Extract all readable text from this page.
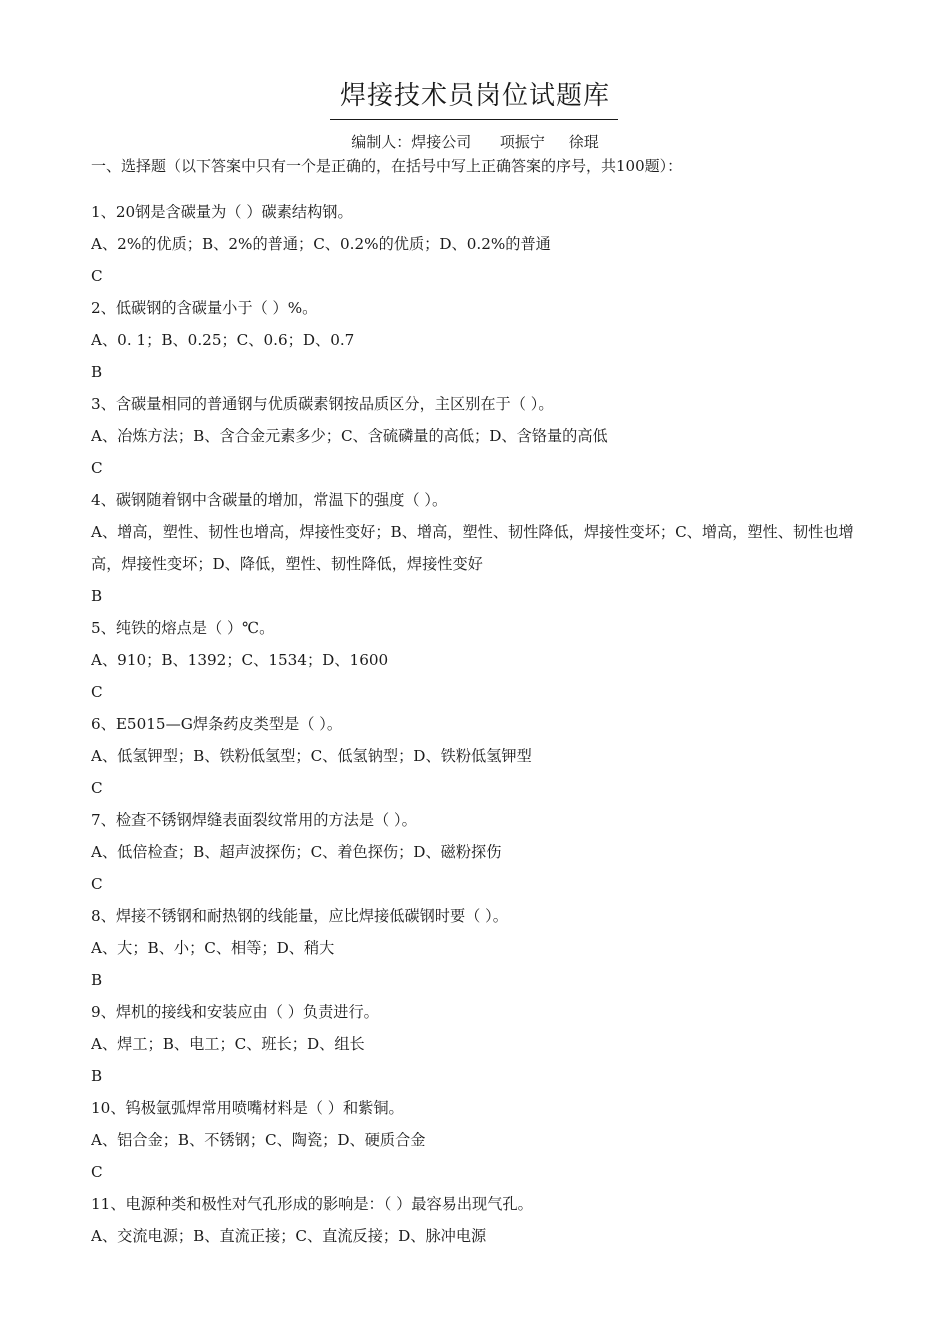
焊接技术员岗位试题库
编制人：焊接公司      项振宁     徐琨
一、选择题（以下答案中只有一个是正确的，在括号中写上正确答案的序号，共100题）：
1、20钢是含碳量为（ ）碳素结构钢。
A、2%的优质；B、2%的普通；C、0.2%的优质；D、0.2%的普通
C
2、低碳钢的含碳量小于（ ）%。
A、0. 1；B、0.25；C、0.6；D、0.7
B
3、含碳量相同的普通钢与优质碳素钢按品质区分，主区别在于（ ）。
A、冶炼方法；B、含合金元素多少；C、含硫磷量的高低；D、含铬量的高低
C
4、碳钢随着钢中含碳量的增加，常温下的强度（ ）。
A、增高，塑性、韧性也增高，焊接性变好；B、增高，塑性、韧性降低，焊接性变坏；C、增高，塑性、韧性也增高，焊接性变坏；D、降低，塑性、韧性降低，焊接性变好
B
5、纯铁的熔点是（ ）℃。
A、910；B、1392；C、1534；D、1600
C
6、E5015—G焊条药皮类型是（ ）。
A、低氢钾型；B、铁粉低氢型；C、低氢钠型；D、铁粉低氢钾型
C
7、检查不锈钢焊缝表面裂纹常用的方法是（ ）。
A、低倍检查；B、超声波探伤；C、着色探伤；D、磁粉探伤
C
8、焊接不锈钢和耐热钢的线能量，应比焊接低碳钢时要（ ）。
A、大；B、小；C、相等；D、稍大
B
9、焊机的接线和安装应由（ ）负责进行。
A、焊工；B、电工；C、班长；D、组长
B
10、钨极氩弧焊常用喷嘴材料是（ ）和紫铜。
A、铝合金；B、不锈钢；C、陶瓷；D、硬质合金
C
11、电源种类和极性对气孔形成的影响是：（ ）最容易出现气孔。
A、交流电源；B、直流正接；C、直流反接；D、脉冲电源
